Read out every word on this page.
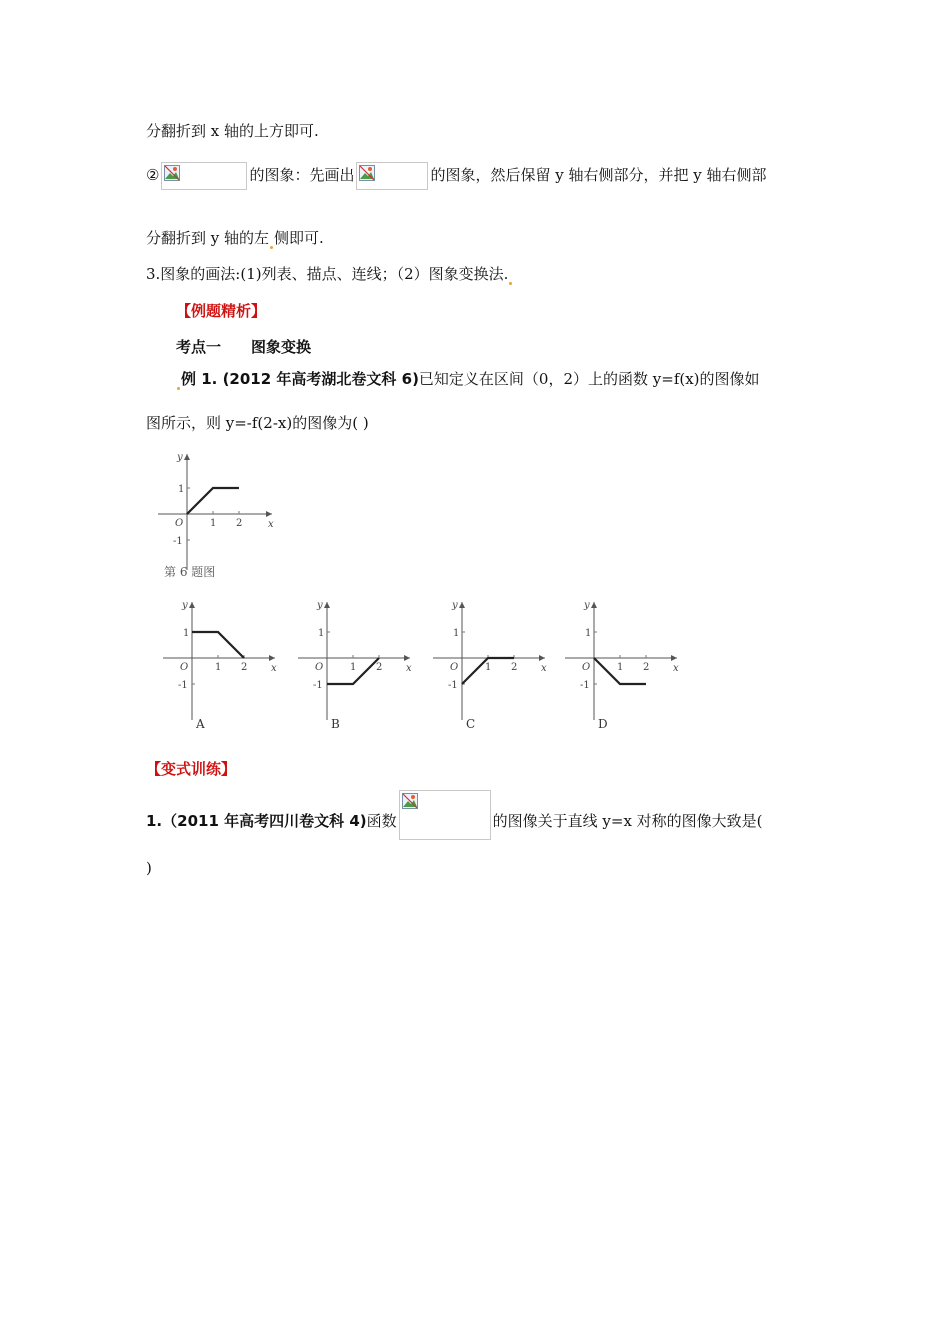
分翻折到 x 轴的上方即可.
②	的图象：先画出	的图象，然后保留 y 轴右侧部分，并把 y 轴右侧部
分翻折到 y 轴的左 侧即可.
3.图象的画法:(1)列表、描点、连线；（2）图象变换法.
【例题精析】
考点一 图象变换
例 1. (2012 年高考湖北卷文科 6)已知定义在区间（0，2）上的函数 y=f(x)的图像如
图所示，则 y=-f(2-x)的图像为( )
y
x
O	1 2
1
-1
第 6 题图
y
x
O	1 2
1
-1
A
y
x
O	1 2
1
-1
B
y
x
O	1 2
1
-1
C
y
x
O	1 2
1
-1
D
【变式训练】
1.（2011 年高考四川卷文科 4)函数	的图像关于直线 y=x 对称的图像大致是(
)
